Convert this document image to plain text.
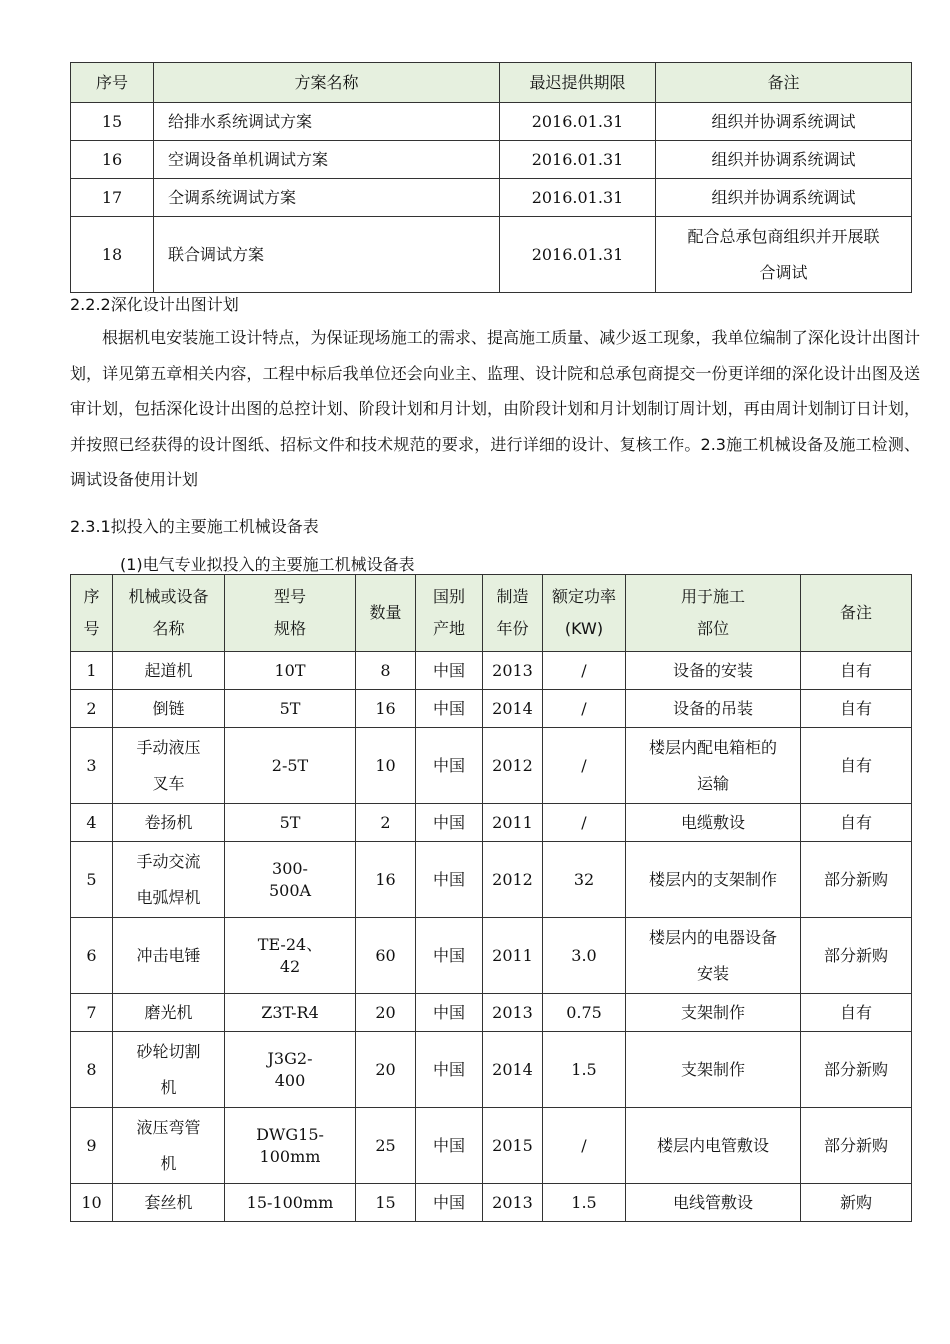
序号	方案名称	最迟提供期限	备注
15	给排水系统调试方案	2016.01.31	组织并协调系统调试
16	空调设备单机调试方案	2016.01.31	组织并协调系统调试
17	仝调系统调试方案	2016.01.31	组织并协调系统调试
18	联合调试方案	2016.01.31	配合总承包商组织并开展联合调试
2.2.2深化设计出图计划

根据机电安装施工设计特点，为保证现场施工的需求、提高施工质量、减少返工现象，我单位编制了深化设计出图计划，详见第五章相关内容，工程中标后我单位还会向业主、监理、设计院和总承包商提交一份更详细的深化设计出图及送审计划，包括深化设计出图的总控计划、阶段计划和月计划，由阶段计划和月计划制订周计划，再由周计划制订日计划，并按照已经获得的设计图纸、招标文件和技术规范的要求，进行详细的设计、复核工作。2.3施工机械设备及施工检测、调试设备使用计划

2.3.1拟投入的主要施工机械设备表
(1)电气专业拟投入的主要施工机械设备表
序号	机械或设备名称	型号规格	数量	国别产地	制造年份	额定功率(KW)	用于施工部位	备注
1	起道机	10T	8	中国	2013	/	设备的安装	自有
2	倒链	5T	16	中国	2014	/	设备的吊装	自有
3	手动液压叉车	2-5T	10	中国	2012	/	楼层内配电箱柜的运输	自有
4	卷扬机	5T	2	中国	2011	/	电缆敷设	自有
5	手动交流电弧焊机	300-500A	16	中国	2012	32	楼层内的支架制作	部分新购
6	冲击电锤	TE-24、42	60	中国	2011	3.0	楼层内的电器设备安装	部分新购
7	磨光机	Z3T-R4	20	中国	2013	0.75	支架制作	自有
8	砂轮切割机	J3G2-400	20	中国	2014	1.5	支架制作	部分新购
9	液压弯管机	DWG15-100mm	25	中国	2015	/	楼层内电管敷设	部分新购
10	套丝机	15-100mm	15	中国	2013	1.5	电线管敷设	新购
